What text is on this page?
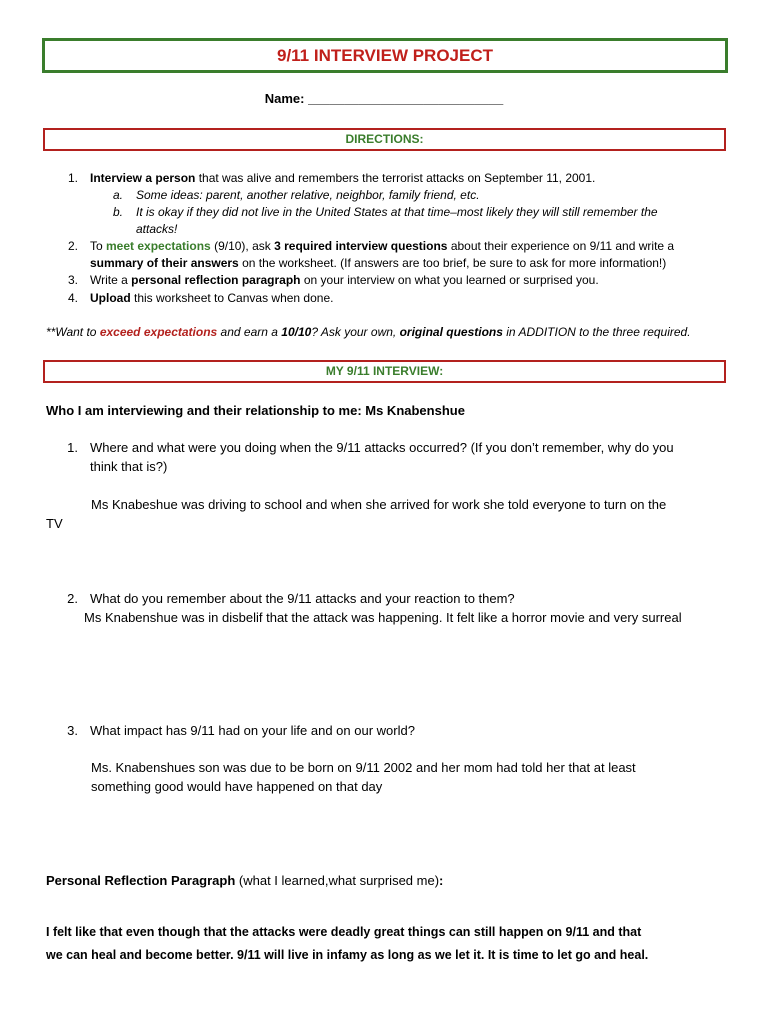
9/11 INTERVIEW PROJECT
Name: ___________________________
DIRECTIONS:
1. Interview a person that was alive and remembers the terrorist attacks on September 11, 2001.
a. Some ideas: parent, another relative, neighbor, family friend, etc.
b. It is okay if they did not live in the United States at that time–most likely they will still remember the
attacks!
2. To meet expectations (9/10), ask 3 required interview questions about their experience on 9/11 and write a
summary of their answers on the worksheet. (If answers are too brief, be sure to ask for more information!)
3. Write a personal reflection paragraph on your interview on what you learned or surprised you.
4. Upload this worksheet to Canvas when done.
**Want to exceed expectations and earn a 10/10? Ask your own, original questions in ADDITION to the three required.
MY 9/11 INTERVIEW:
Who I am interviewing and their relationship to me: Ms Knabenshue
1. Where and what were you doing when the 9/11 attacks occurred? (If you don’t remember, why do you
think that is?)
Ms Knabeshue was driving to school and when she arrived for work she told everyone to turn on the
TV
2. What do you remember about the 9/11 attacks and your reaction to them?
Ms Knabenshue was in disbelif that the attack was happening. It felt like a horror movie and very surreal
3. What impact has 9/11 had on your life and on our world?
Ms. Knabenshues son was due to be born on 9/11 2002 and her mom had told her that at least
something good would have happened on that day
Personal Reflection Paragraph (what I learned,what surprised me):
I felt like that even though that the attacks were deadly great things can still happen on 9/11 and that
we can heal and become better. 9/11 will live in infamy as long as we let it. It is time to let go and heal.
